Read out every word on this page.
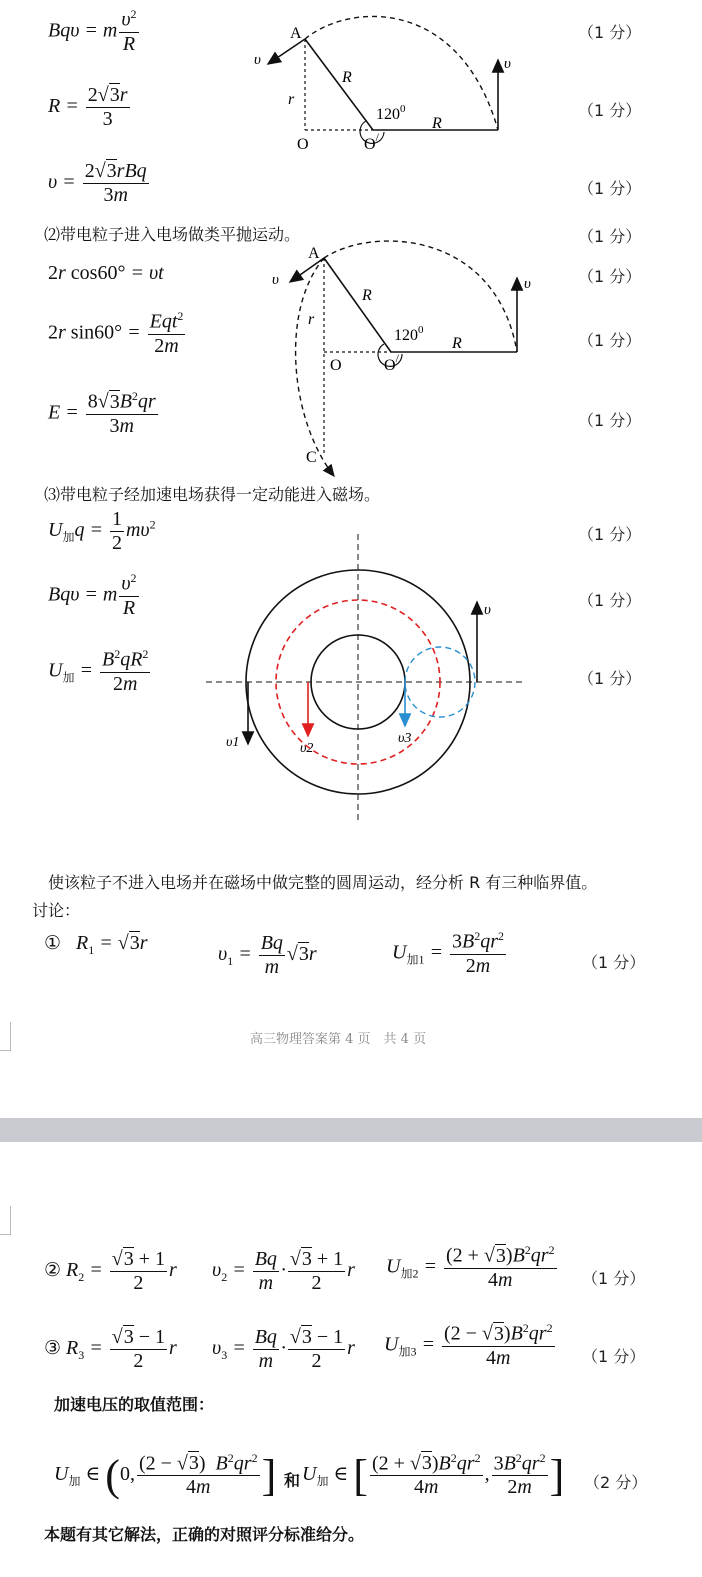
Bqυ = m $\frac{\upsilon^2}{R}$	（1 分）
$R = \frac{2√3r}{3}$	（1 分）
$\upsilon = \frac{\text{2√3rBq}}{3m}$	（1 分）
A
υ	υ
R
r
$120^0$
R
O	O/
⑵带电粒子进入电场做类平抛运动。	（1 分）
2r cos60° = υt	（1 分）
2r $\sin 60^\circ = \frac{Eqt^2}{2m}$	（1 分）
$E = \frac{8√3B^2qr}{3m}$	（1 分）
A
υ	υ
R
r
$120^0$
R
O	O/
C
⑶带电粒子经加速电场获得一定动能进入磁场。
$U_加q = \frac{1}{2} m\upsilon^2$
（1 分）
Bqυ = m $\frac{\upsilon^2}{R}$	（1 分）
$U_加 = \frac{B^2qR^2}{2m}$	（1 分）
υ
υ1	υ2
υ3
使该粒子不进入电场并在磁场中做完整的圆周运动，经分析 R 有三种临界值。
讨论：
①   $R_1 = √3r$
$\upsilon_1 = \frac{Bq}{m} √3r$	$U_{加1} = \frac{3B^2qr^2}{2m}$	（1 分）
高三物理答案第 4 页　共 4 页
② $R_2 = \frac{√3 + 1}{2}$ r $\upsilon_2 = \frac{Bq}{m} \cdot \frac{√3 + 1}{2}$ r $U_{加2} = \frac{(2 + √3)B^2qr^2}{4m} (1$ 分）
③ $R_3 = \frac{√3 - 1}{2}$ r $\upsilon_3 = \frac{Bq}{m} \cdot \frac{√3 - 1}{2}$ r $U_{加3} = \frac{(2 - √3)B^2qr^2}{4m} (1$ 分）
加速电压的取值范围：
$U_加$ ∈ (0, $\frac{(2 - √3) B^2qr^2}{4m}$ ] 和 $U_加$ ∈ [ $\frac{(2 + √3)B^2qr^2}{4m}$ , $\frac{3B^2qr^2}{2m}$ ] （2 分）
本题有其它解法，正确的对照评分标准给分。
